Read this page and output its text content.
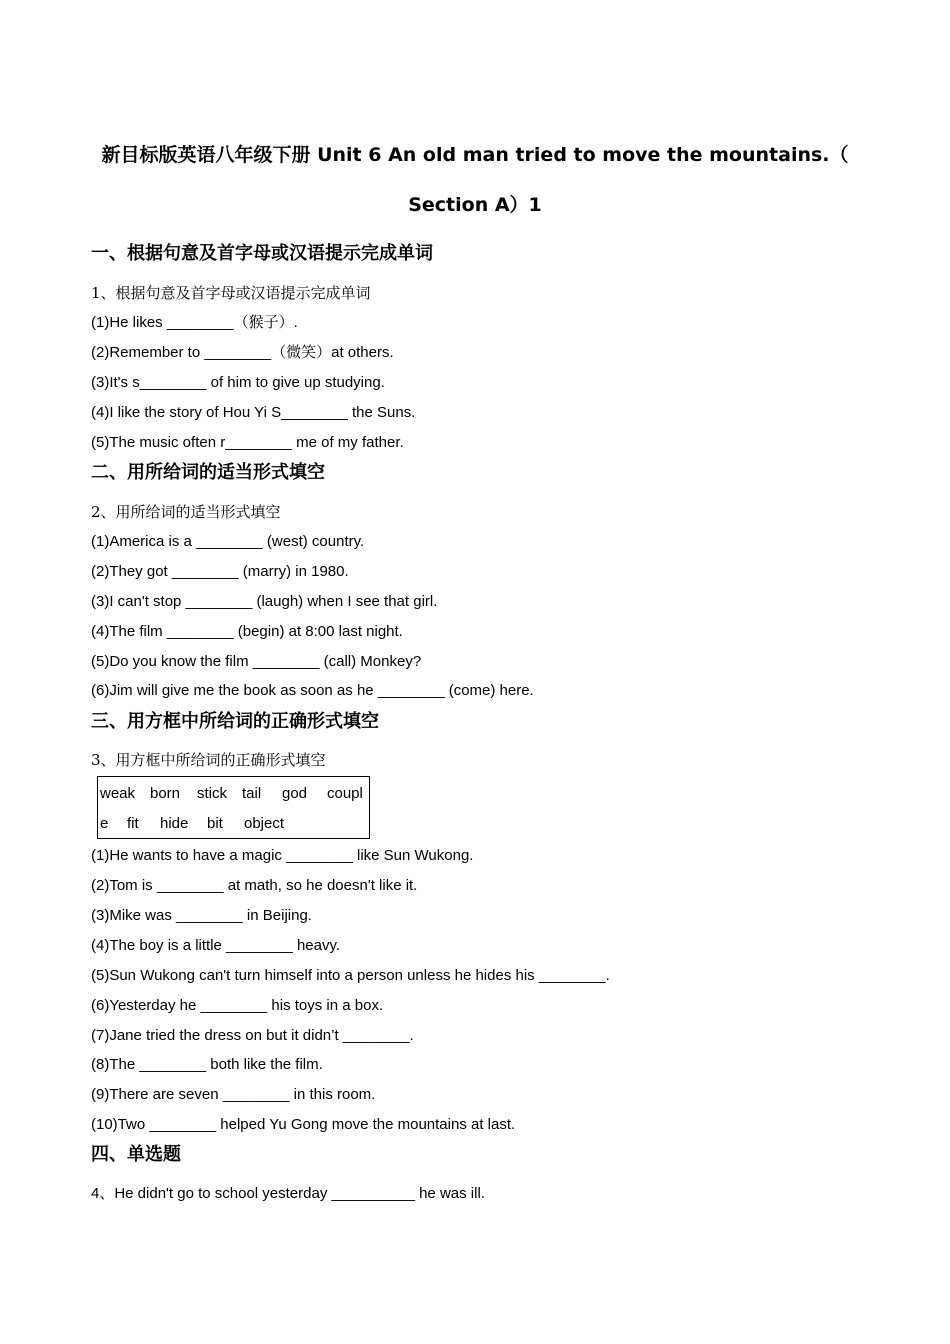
新目标版英语八年级下册 Unit 6 An old man tried to move the mountains.（
Section A）1
一、根据句意及首字母或汉语提示完成单词
1、根据句意及首字母或汉语提示完成单词
(1)He likes ________（猴子）.
(2)Remember to ________（微笑）at others.
(3)It's s________ of him to give up studying.
(4)I like the story of Hou Yi S________ the Suns.
(5)The music often r________ me of my father.
二、用所给词的适当形式填空
2、用所给词的适当形式填空
(1)America is a ________ (west) country.
(2)They got ________ (marry) in 1980.
(3)I can't stop ________ (laugh) when I see that girl.
(4)The film ________ (begin) at 8:00 last night.
(5)Do you know the film ________ (call) Monkey?
(6)Jim will give me the book as soon as he ________ (come) here.
三、用方框中所给词的正确形式填空
3、用方框中所给词的正确形式填空
weak born stick tail god coupl
e fit hide bit object
(1)He wants to have a magic ________ like Sun Wukong.
(2)Tom is ________ at math, so he doesn't like it.
(3)Mike was ________ in Beijing.
(4)The boy is a little ________ heavy.
(5)Sun Wukong can't turn himself into a person unless he hides his ________.
(6)Yesterday he ________ his toys in a box.
(7)Jane tried the dress on but it didn’t ________.
(8)The ________ both like the film.
(9)There are seven ________ in this room.
(10)Two ________ helped Yu Gong move the mountains at last.
四、单选题
4、He didn't go to school yesterday __________ he was ill.
